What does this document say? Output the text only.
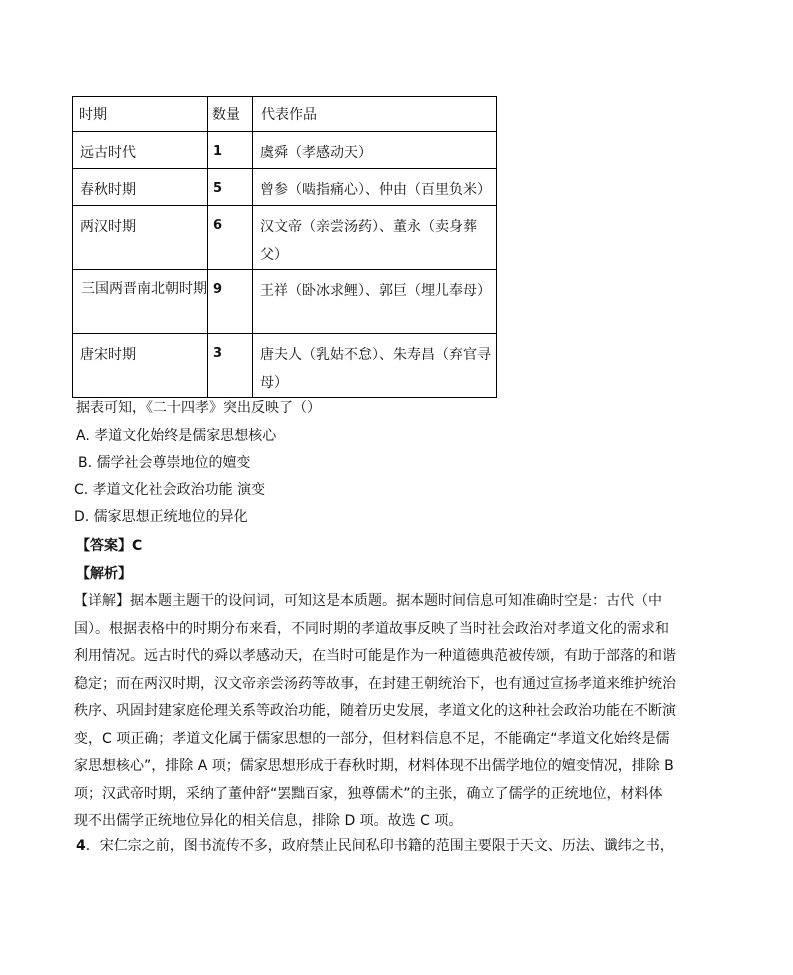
时期	数量	代表作品

远古时代	1	虞舜（孝感动天）

春秋时期	5	曾参（啮指痛心）、仲由（百里负米）

两汉时期	6	汉文帝（亲尝汤药）、董永（卖身葬父）

三国两晋南北朝时期	9	王祥（卧冰求鲤）、郭巨（埋儿奉母）

唐宋时期	3	唐夫人（乳姑不怠）、朱寿昌（弃官寻母）
据表可知，《二十四孝》突出反映了（）
A. 孝道文化始终是儒家思想核心
B. 儒学社会尊崇地位的嬗变
C. 孝道文化社会政治功能 演变
D. 儒家思想正统地位的异化
【答案】C
【解析】
【详解】据本题主题干的设问词，可知这是本质题。据本题时间信息可知准确时空是：古代（中
国）。根据表格中的时期分布来看，不同时期的孝道故事反映了当时社会政治对孝道文化的需求和
利用情况。远古时代的舜以孝感动天，在当时可能是作为一种道德典范被传颂，有助于部落的和谐
稳定；而在两汉时期，汉文帝亲尝汤药等故事，在封建王朝统治下，也有通过宣扬孝道来维护统治
秩序、巩固封建家庭伦理关系等政治功能，随着历史发展，孝道文化的这种社会政治功能在不断演
变，C 项正确；孝道文化属于儒家思想的一部分，但材料信息不足，不能确定“孝道文化始终是儒
家思想核心”，排除 A 项；儒家思想形成于春秋时期，材料体现不出儒学地位的嬗变情况，排除 B
项；汉武帝时期，采纳了董仲舒“罢黜百家，独尊儒术”的主张，确立了儒学的正统地位，材料体
现不出儒学正统地位异化的相关信息，排除 D 项。故选 C 项。
4．宋仁宗之前，图书流传不多，政府禁止民间私印书籍的范围主要限于天文、历法、谶纬之书，
